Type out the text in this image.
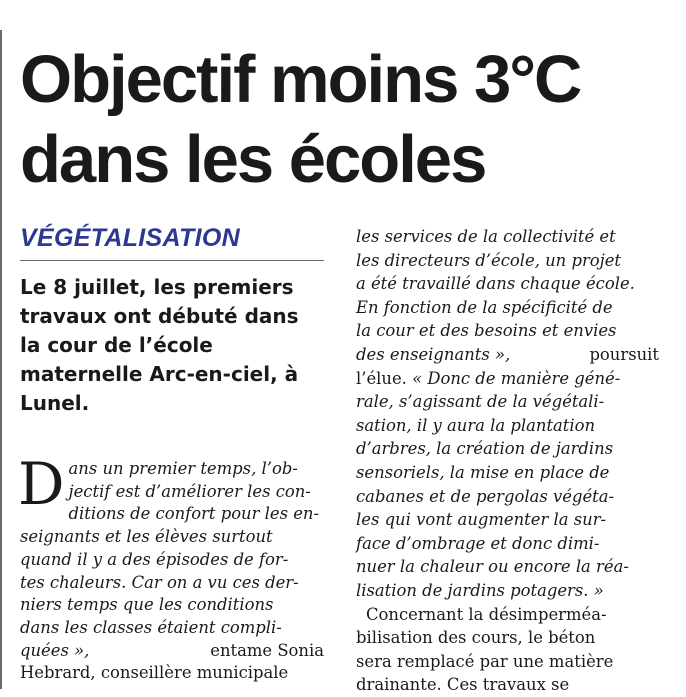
Objectif moins 3°C
dans les écoles

VÉGÉTALISATION

Le 8 juillet, les premiers
travaux ont débuté dans
la cour de l’école
maternelle Arc-en-ciel, à
Lunel.

D ans un premier temps, l’ob-
jectif est d’améliorer les con-
ditions de confort pour les en-
seignants et les élèves surtout
quand il y a des épisodes de for-
tes chaleurs. Car on a vu ces der-
niers temps que les conditions
dans les classes étaient compli-
quées »,	entame Sonia
Hebrard, conseillère municipale
les services de la collectivité et
les directeurs d’école, un projet
a été travaillé dans chaque école.
En fonction de la spécificité de
la cour et des besoins et envies
des enseignants »,	poursuit
l’élue. « Donc de manière géné-
rale, s’agissant de la végétali-
sation, il y aura la plantation
d’arbres, la création de jardins
sensoriels, la mise en place de
cabanes et de pergolas végéta-
les qui vont augmenter la sur-
face d’ombrage et donc dimi-
nuer la chaleur ou encore la réa-
lisation de jardins potagers. »
Concernant la désimperméa-
bilisation des cours, le béton
sera remplacé par une matière
drainante. Ces travaux se
